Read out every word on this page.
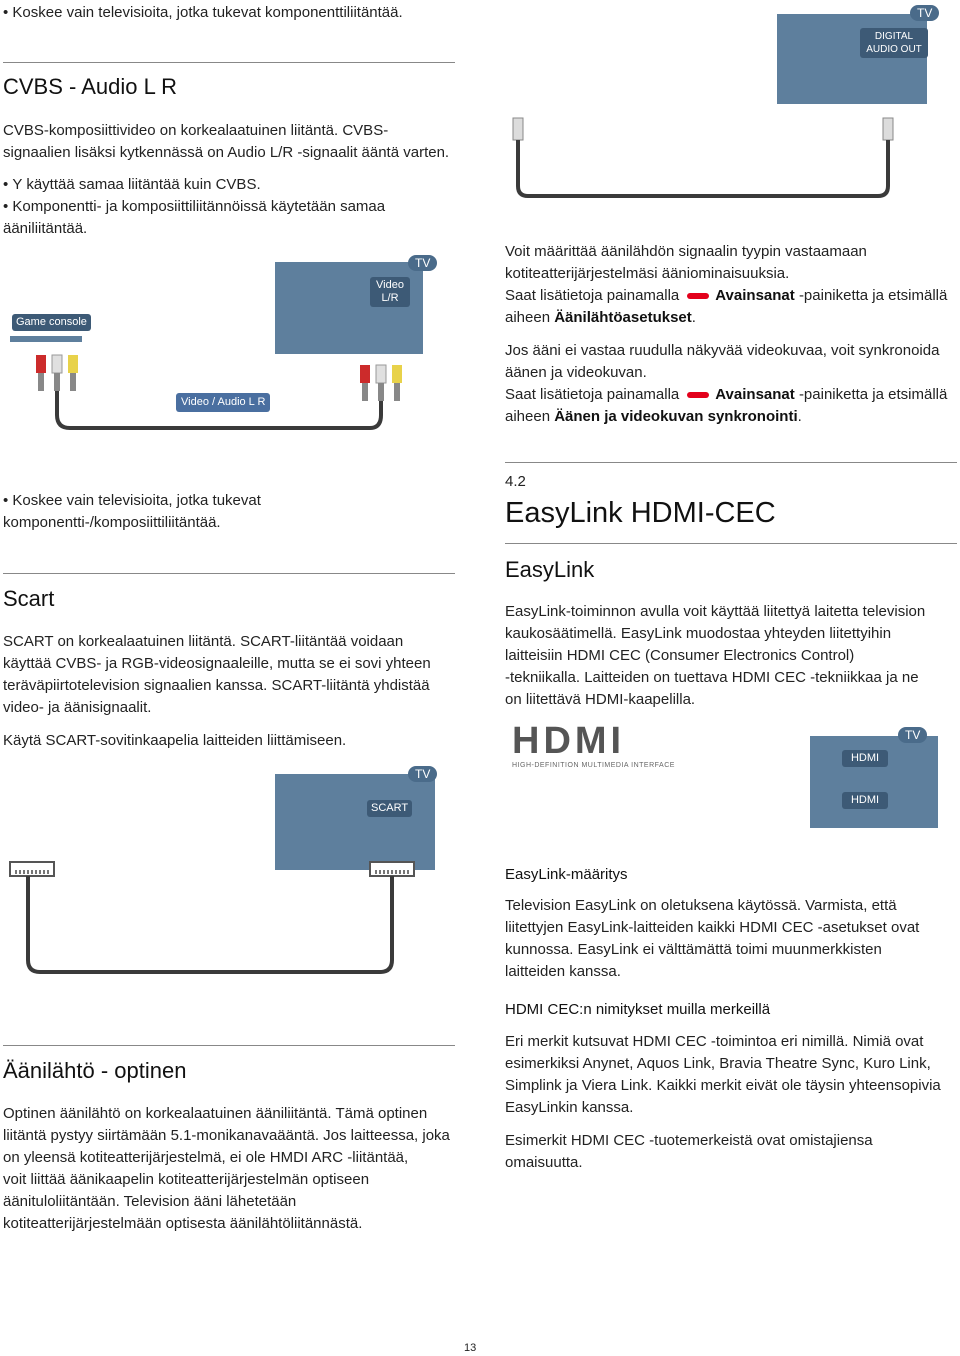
• Koskee vain televisioita, jotka tukevat komponenttiliitäntää.
CVBS - Audio L R

CVBS-komposiittivideo on korkealaatuinen liitäntä. CVBS-

signaalien lisäksi kytkennässä on Audio L/R -signaalit ääntä varten.

• Y käyttää samaa liitäntää kuin CVBS.

• Komponentti- ja komposiittiliitännöissä käytetään samaa

ääniliitäntää.

TV
Video
L/R
Game console
Video / Audio L R

• Koskee vain televisioita, jotka tukevat

komponentti-/komposiittiliitäntää.

Scart

SCART on korkealaatuinen liitäntä. SCART-liitäntää voidaan

käyttää CVBS- ja RGB-videosignaaleille, mutta se ei sovi yhteen

teräväpiirtotelevision signaalien kanssa. SCART-liitäntä yhdistää

video- ja äänisignaalit.

Käytä SCART-sovitinkaapelia laitteiden liittämiseen.
TV
SCART
Äänilähtö - optinen

Optinen äänilähtö on korkealaatuinen ääniliitäntä. Tämä optinen

liitäntä pystyy siirtämään 5.1-monikanavaääntä. Jos laitteessa, joka

on yleensä kotiteatterijärjestelmä, ei ole HMDI ARC -liitäntää,

voit liittää äänikaapelin kotiteatterijärjestelmän optiseen

äänituloliitäntään. Television ääni lähetetään

kotiteatterijärjestelmään optisesta äänilähtöliitännästä.

TV
DIGITAL
AUDIO OUT

Voit määrittää äänilähdön signaalin tyypin vastaamaan

kotiteatterijärjestelmäsi ääniominaisuuksia.

Saat lisätietoja painamalla Avainsanat -painiketta ja etsimällä

aiheen Äänilähtöasetukset.

Jos ääni ei vastaa ruudulla näkyvää videokuvaa, voit synkronoida

äänen ja videokuvan.

Saat lisätietoja painamalla Avainsanat -painiketta ja etsimällä

aiheen Äänen ja videokuvan synkronointi.

4.2
EasyLink HDMI-CEC
EasyLink

EasyLink-toiminnon avulla voit käyttää liitettyä laitetta television

kaukosäätimellä. EasyLink muodostaa yhteyden liitettyihin

laitteisiin HDMI CEC (Consumer Electronics Control)

-tekniikalla. Laitteiden on tuettava HDMI CEC -tekniikkaa ja ne

on liitettävä HDMI-kaapelilla.

HDMI
HIGH-DEFINITION MULTIMEDIA INTERFACE
TV
HDMI
HDMI
EasyLink-määritys

Television EasyLink on oletuksena käytössä. Varmista, että

liitettyjen EasyLink-laitteiden kaikki HDMI CEC -asetukset ovat

kunnossa. EasyLink ei välttämättä toimi muunmerkkisten

laitteiden kanssa.

HDMI CEC:n nimitykset muilla merkeillä

Eri merkit kutsuvat HDMI CEC -toimintoa eri nimillä. Nimiä ovat

esimerkiksi Anynet, Aquos Link, Bravia Theatre Sync, Kuro Link,

Simplink ja Viera Link. Kaikki merkit eivät ole täysin yhteensopivia

EasyLinkin kanssa.

Esimerkit HDMI CEC -tuotemerkeistä ovat omistajiensa

omaisuutta.

13
